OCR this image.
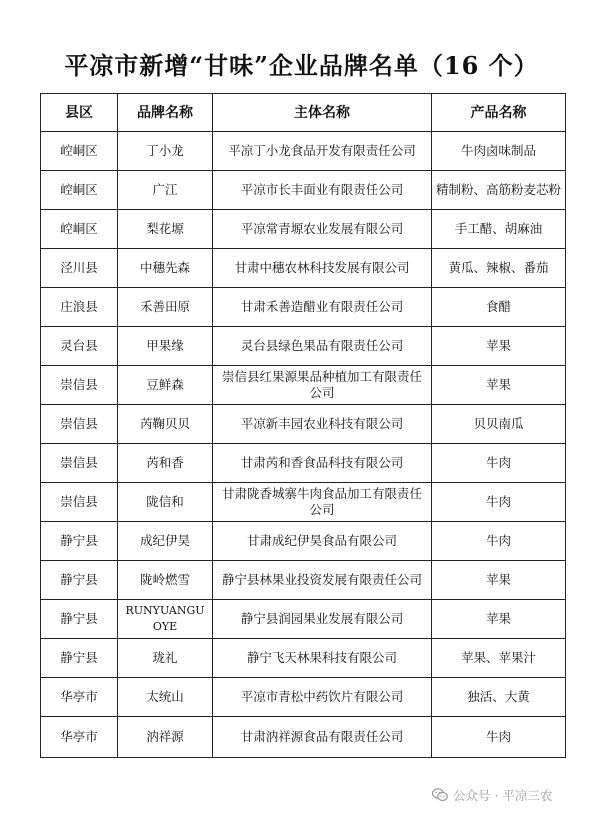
平凉市新增“甘味”企业品牌名单（16 个）
县区	品牌名称	主体名称	产品名称
崆峒区	丁小龙	平凉丁小龙食品开发有限责任公司	牛肉卤味制品
崆峒区	广江	平凉市长丰面业有限责任公司	精制粉、高筋粉麦芯粉
崆峒区	梨花塬	平凉常青塬农业发展有限公司	手工醋、胡麻油
泾川县	中穗先森	甘肃中穗农林科技发展有限公司	黄瓜、辣椒、番茄
庄浪县	禾善田原	甘肃禾善造醋业有限责任公司	食醋
灵台县	甲果缘	灵台县绿色果品有限责任公司	苹果
崇信县	豆鲜森	崇信县红果源果品种植加工有限责任公司	苹果
崇信县	芮鞠贝贝	平凉新丰园农业科技有限公司	贝贝南瓜
崇信县	芮和香	甘肃芮和香食品科技有限公司	牛肉
崇信县	陇信和	甘肃陇香城寨牛肉食品加工有限责任公司	牛肉
静宁县	成纪伊昊	甘肃成纪伊昊食品有限公司	牛肉
静宁县	陇岭燃雪	静宁县林果业投资发展有限责任公司	苹果
静宁县	RUNYUANGUOYE	静宁县润园果业发展有限公司	苹果
静宁县	珑礼	静宁飞天林果科技有限公司	苹果、苹果汁
华亭市	太统山	平凉市青松中药饮片有限公司	独活、大黄
华亭市	汭祥源	甘肃汭祥源食品有限责任公司	牛肉
公众号 · 平凉三农
